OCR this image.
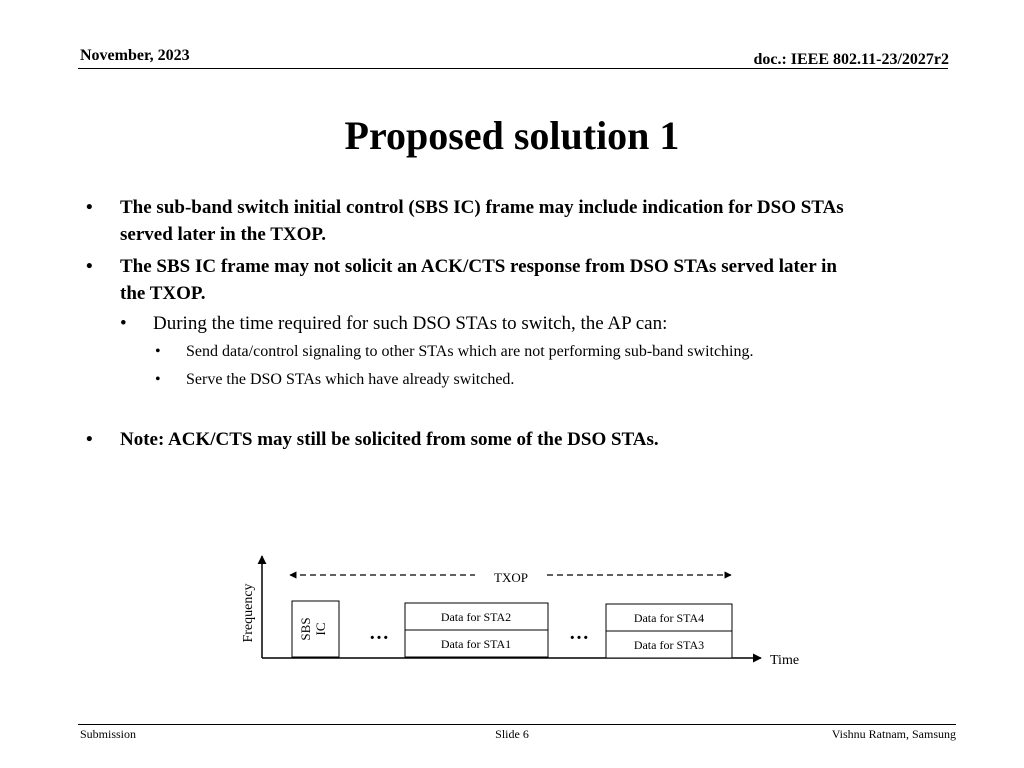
November, 2023	doc.: IEEE 802.11-23/2027r2
Proposed solution 1
•	The sub-band switch initial control (SBS IC) frame may include indication for DSO STAs
served later in the TXOP.
•	The SBS IC frame may not solicit an ACK/CTS response from DSO STAs served later in
the TXOP.
•	During the time required for such DSO STAs to switch, the AP can:
•	Send data/control signaling to other STAs which are not performing sub-band switching.
•	Serve the DSO STAs which have already switched.
•	Note: ACK/CTS may still be solicited from some of the DSO STAs.
Frequency
Time
TXOP
SBS IC …
Data for STA2
Data for STA1	…
Data for STA4
Data for STA3
Submission	Slide 6	Vishnu Ratnam, Samsung
